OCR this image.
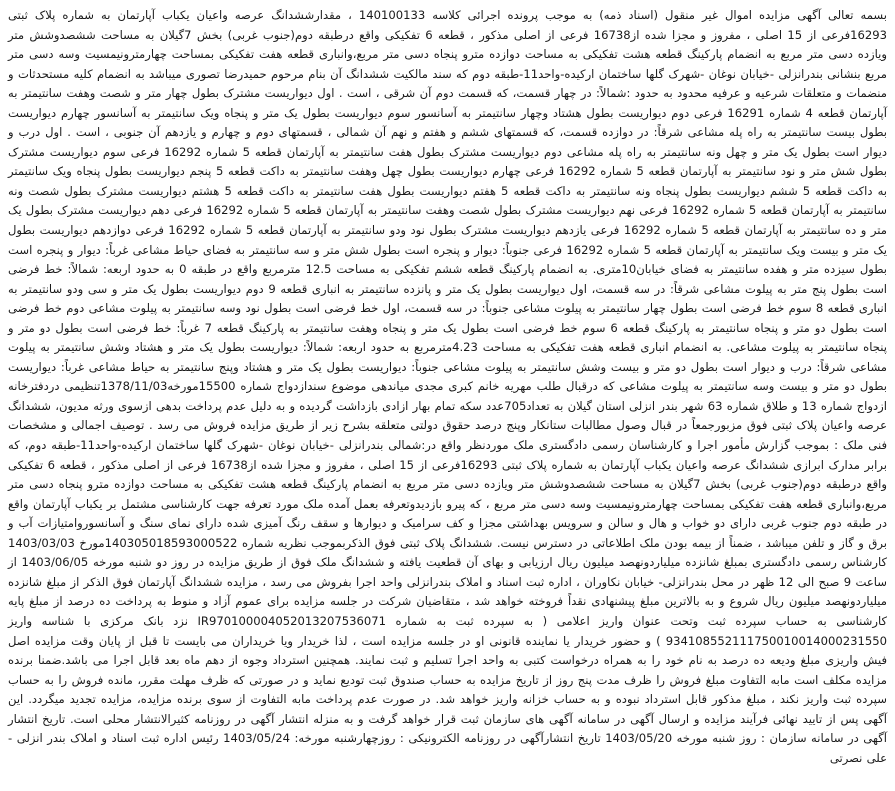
بسمه تعالی آگهی مزایده اموال غیر منقول (اسناد ذمه) به موجب پرونده اجرائی کلاسه 140100133 ، مقدارششدانگ عرصه واعیان یکباب آپارتمان به شماره پلاک ثبتی 16293فرعی از 15 اصلی ، مفروز و مجزا شده از16738 فرعی از اصلی مذکور ، قطعه 6 تفکیکی واقع درطبقه دوم(جنوب غربی) بخش 7گیلان به مساحت ششصدوشش متر ویازده دسی متر مربع به انضمام پارکینگ قطعه هشت تفکیکی به مساحت دوازده مترو پنجاه دسی متر مربع،وانباری قطعه هفت تفکیکی بمساحت چهارمترونیمسیت وسه دسی متر مربع بنشانی بندرانزلی -خیابان نوغان -شهرک گلها ساختمان ارکیده-واحد11-طبقه دوم که سند مالکیت ششدانگ آن بنام مرحوم حمیدرضا تصوری میباشد به انضمام کلیه مستحدثات و منضمات و متعلقات شرعیه و عرفیه محدود به حدود :شمالاً: در چهار قسمت، که قسمت دوم آن شرقی ، است . اول دیواریست مشترک بطول چهار متر و شصت وهفت سانتیمتر به آپارتمان قطعه 4 شماره 16291 فرعی دوم دیواریست بطول هشتاد وچهار سانتیمتر به آسانسور سوم دیواریست بطول یک متر و پنجاه ویک سانتیمتر به آسانسور چهارم دیواریست بطول بیست سانتیمتر به راه پله مشاعی شرقاً: در دوازده قسمت، که قسمتهای ششم و هفتم و نهم آن شمالی ، قسمتهای دوم و چهارم و یازدهم آن جنوبی ، است . اول درب و دیوار است بطول یک متر و چهل ونه سانتیمتر به راه پله مشاعی دوم دیواریست مشترک بطول هفت سانتیمتر به آپارتمان قطعه 5 شماره 16292 فرعی سوم دیواریست مشترک بطول شش متر و نود سانتیمتر به آپارتمان قطعه 5 شماره 16292 فرعی چهارم دیواریست بطول چهل وهفت سانتیمتر به داکت قطعه 5 پنجم دیواریست بطول پنجاه ویک سانتیمتر به داکت قطعه 5 ششم دیواریست بطول پنجاه ونه سانتیمتر به داکت قطعه 5 هفتم دیواریست بطول هفت سانتیمتر به داکت قطعه 5 هشتم دیواریست مشترک بطول شصت ونه سانتیمتر به آپارتمان قطعه 5 شماره 16292 فرعی نهم دیواریست مشترک بطول شصت وهفت سانتیمتر به آپارتمان قطعه 5 شماره 16292 فرعی دهم دیواریست مشترک بطول یک متر و ده سانتیمتر به آپارتمان قطعه 5 شماره 16292 فرعی یازدهم دیواریست مشترک بطول نود ودو سانتیمتر به آپارتمان قطعه 5 شماره 16292 فرعی دوازدهم دیواریست بطول یک متر و بیست ویک سانتیمتر به آپارتمان قطعه 5 شماره 16292 فرعی جنوباً: دیوار و پنجره است بطول شش متر و سه سانتیمتر به فضای حیاط مشاعی غرباً: دیوار و پنجره است بطول سیزده متر و هفده سانتیمتر به فضای خیابان10متری. به انضمام پارکینگ قطعه ششم تفکیکی به مساحت 12.5 مترمربع واقع در طبقه 0 به حدود اربعه: شمالاً: خط فرضی است بطول پنج متر به پیلوت مشاعی شرقاً: در سه قسمت، اول دیواریست بطول یک متر و پانزده سانتیمتر به انباری قطعه 9 دوم دیواریست بطول یک متر و سی ودو سانتیمتر به انباری قطعه 8 سوم خط فرضی است بطول چهار سانتیمتر به پیلوت مشاعی جنوباً: در سه قسمت، اول خط فرضی است بطول نود وسه سانتیمتر به پیلوت مشاعی دوم خط فرضی است بطول دو متر و پنجاه سانتیمتر به پارکینگ قطعه 6 سوم خط فرضی است بطول یک متر و پنجاه وهفت سانتیمتر به پارکینگ قطعه 7 غرباً: خط فرضی است بطول دو متر و پنجاه سانتیمتر به پیلوت مشاعی. به انضمام انباری قطعه هفت تفکیکی به مساحت 4.23مترمربع به حدود اربعه: شمالاً: دیواریست بطول یک متر و هشتاد وشش سانتیمتر به پیلوت مشاعی شرقاً: درب و دیوار است بطول دو متر و بیست وشش سانتیمتر به پیلوت مشاعی جنوباً: دیواریست بطول یک متر و هشتاد وپنج سانتیمتر به حیاط مشاعی غرباً: دیواریست بطول دو متر و بیست وسه سانتیمتر به پیلوت مشاعی که درقبال طلب مهریه خانم کبری مجدی میاندهی موضوع سندازدواج شماره 15500مورخه1378/11/03تنظیمی دردفترخانه ازدواج شماره 13 و طلاق شماره 63 شهر بندر انزلی استان گیلان به تعداد705عدد سکه تمام بهار ازادی بازداشت گردیده و به دلیل عدم پرداخت بدهی ازسوی ورثه مدیون، ششدانگ عرصه واعیان پلاک ثبتی فوق مزبورجمعاً در قبال وصول مطالبات ستانکار وپنج درصد حقوق دولتی متعلقه بشرح زیر از طریق مزایده فروش می رسد . توصیف اجمالی و مشخصات فنی ملک : بموجب گزارش مأمور اجرا و کارشناسان رسمی دادگستری ملک موردنظر واقع در:شمالی بندرانزلی -خیابان نوغان -شهرک گلها ساختمان ارکیده-واحد11-طبقه دوم، که برابر مدارک ابرازی ششدانگ عرصه واعیان یکباب آپارتمان به شماره پلاک ثبتی 16293فرعی از 15 اصلی ، مفروز و مجزا شده از16738 فرعی از اصلی مذکور ، قطعه 6 تفکیکی واقع درطبقه دوم(جنوب غربی) بخش 7گیلان به مساحت ششصدوشش متر ویازده دسی متر مربع به انضمام پارکینگ قطعه هشت تفکیکی به مساحت دوازده مترو پنجاه دسی متر مربع،وانباری قطعه هفت تفکیکی بمساحت چهارمترونیمسیت وسه دسی متر مربع ، که پیرو بازدیدوتعرفه بعمل آمده ملک مورد تعرفه جهت کارشناسی مشتمل بر یکباب آپارتمان واقع در طبقه دوم جنوب غربی دارای دو خواب و هال و سالن و سرویس بهداشتی مجزا و کف سرامیک و دیوارها و سقف رنگ آمیزی شده دارای نمای سنگ و آسانسوروامتیازات آب و برق و گاز و تلفن میباشد ، ضمناً از بیمه بودن ملک اطلاعاتی در دسترس نیست. ششدانگ پلاک ثبتی فوق الذکربموجب نظریه شماره 140305018593000522مورخ 1403/03/03 کارشناس رسمی دادگستری بمبلغ شانزده میلیاردونهصد میلیون ریال ارزیابی و بهای آن قطعیت یافته و ششدانگ ملک فوق از طریق مزایده در روز دو شنبه مورخه 1403/06/05 از ساعت 9 صبح الی 12 ظهر در محل بندرانزلی- خیابان نکاوران ، اداره ثبت اسناد و املاک بندرانزلی واحد اجرا بفروش می رسد ، مزایده ششدانگ آپارتمان فوق الذکر از مبلغ شانزده میلیاردونهصد میلیون ریال شروع و به بالاترین مبلغ پیشنهادی نقداً فروخته خواهد شد ، متقاضیان شرکت در جلسه مزایده برای عموم آزاد و منوط به پرداخت ده درصد از مبلغ پایه کارشناسی به حساب سپرده ثبت وتحت عنوان واریز اعلامی ( به سپرده ثبت به شماره IR970100004052013207536071 نزد بانک مرکزی با شناسه واریز 934108552111750010014000231550 ) و حضور خریدار یا نماینده قانونی او در جلسه مزایده است ، لذا خریدار ویا خریداران می بایست تا قبل از پایان وقت مزایده اصل فیش واریزی مبلغ ودیعه ده درصد به نام خود را به همراه درخواست کتبی به واحد اجرا تسلیم و ثبت نمایند. همچنین استرداد وجوه از دهم ماه بعد قابل اجرا می باشد.ضمنا برنده مزایده مکلف است مابه التفاوت مبلغ فروش را ظرف مدت پنج روز از تاریخ مزایده به حساب صندوق ثبت تودیع نماید و در صورتی که ظرف مهلت مقرر، مانده فروش را به حساب سپرده ثبت واریز نکند ، مبلغ مذکور قابل استرداد نبوده و به حساب خزانه واریز خواهد شد. در صورت عدم پرداخت مابه التفاوت از سوی برنده مزایده، مزایده تجدید میگردد. این آگهی پس از تایید نهائی فرآیند مزایده و ارسال آگهی در سامانه آگهی های سازمان ثبت قرار خواهد گرفت و به منزله انتشار آگهی در روزنامه کثیرالانتشار محلی است. تاریخ انتشار آگهی در سامانه سازمان : روز شنبه مورخه 1403/05/20 تاریخ انتشارآگهی در روزنامه الکترونیکی : روزچهارشنبه مورخه: 1403/05/24 رئیس اداره ثبت اسناد و املاک بندر انزلی - علی نصرتی
